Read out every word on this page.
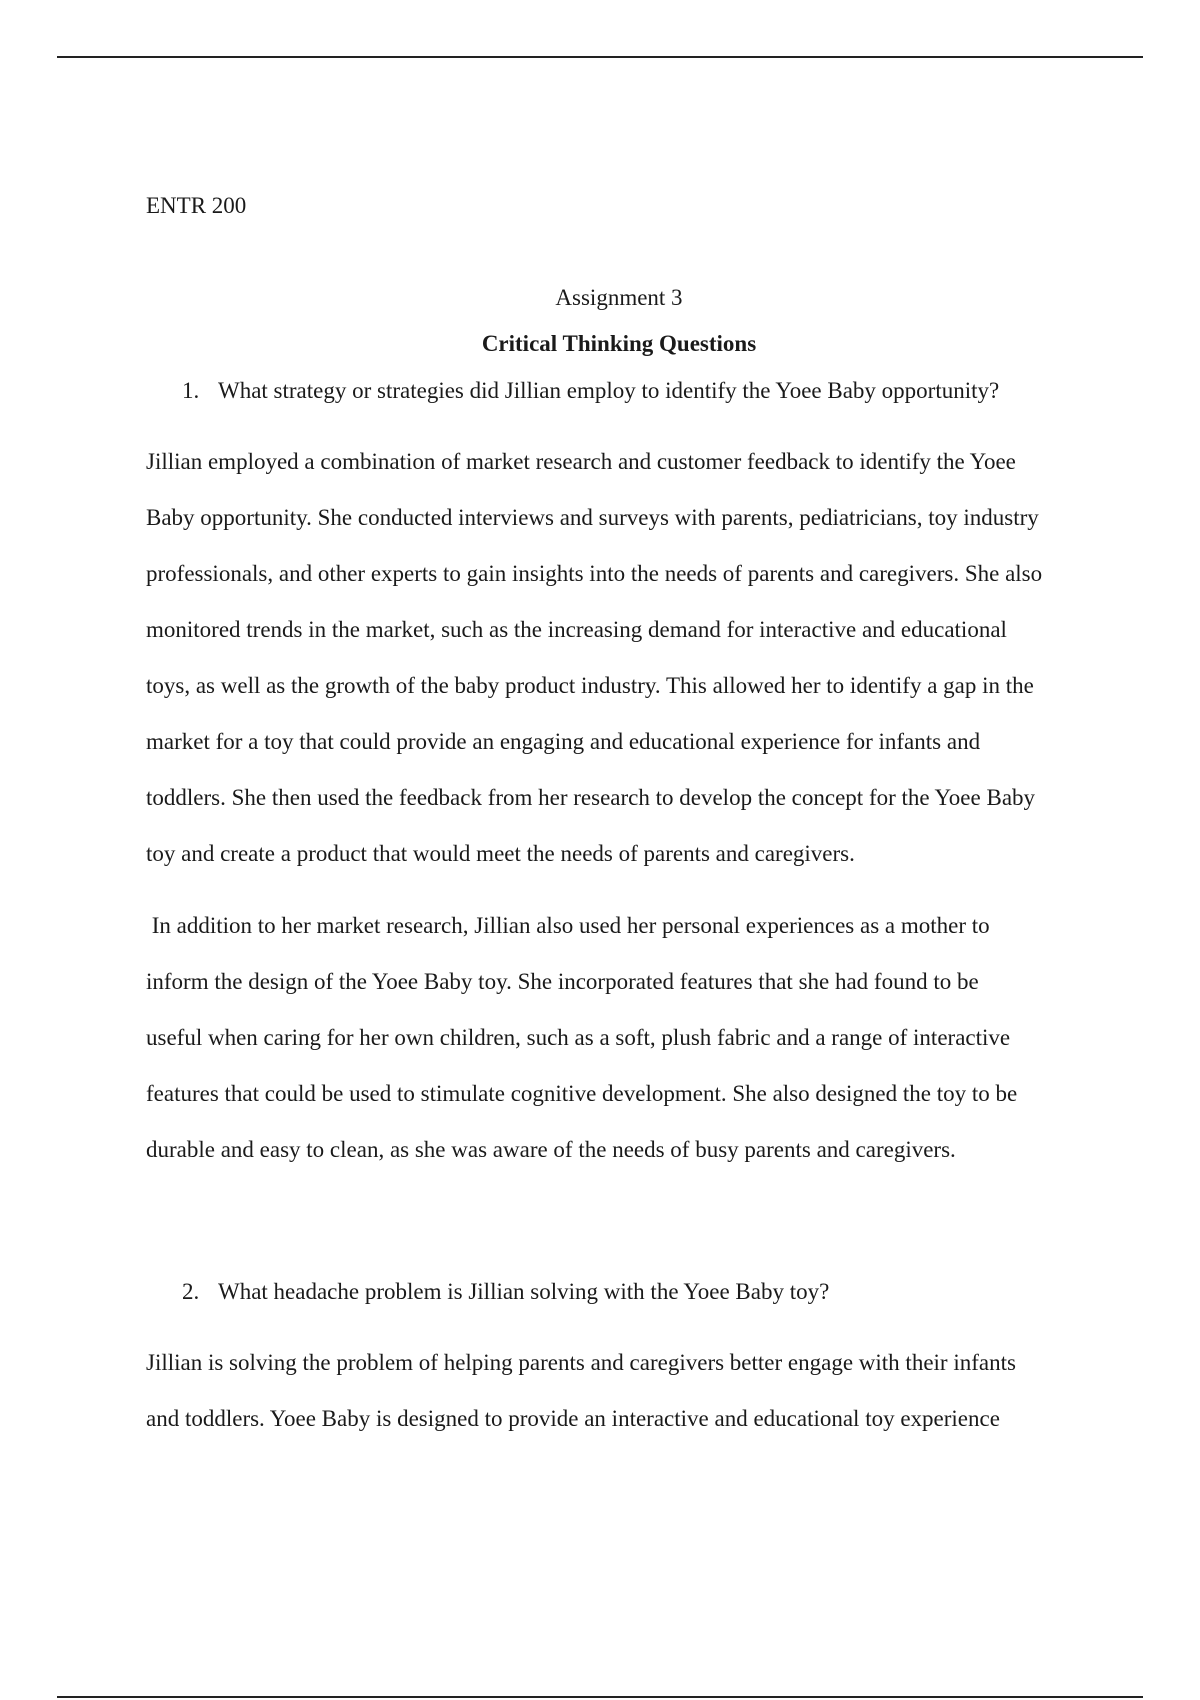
ENTR 200
Assignment 3
Critical Thinking Questions
1. What strategy or strategies did Jillian employ to identify the Yoee Baby opportunity?

Jillian employed a combination of market research and customer feedback to identify the Yoee
Baby opportunity. She conducted interviews and surveys with parents, pediatricians, toy industry
professionals, and other experts to gain insights into the needs of parents and caregivers. She also
monitored trends in the market, such as the increasing demand for interactive and educational
toys, as well as the growth of the baby product industry. This allowed her to identify a gap in the
market for a toy that could provide an engaging and educational experience for infants and
toddlers. She then used the feedback from her research to develop the concept for the Yoee Baby
toy and create a product that would meet the needs of parents and caregivers.

In addition to her market research, Jillian also used her personal experiences as a mother to
inform the design of the Yoee Baby toy. She incorporated features that she had found to be
useful when caring for her own children, such as a soft, plush fabric and a range of interactive
features that could be used to stimulate cognitive development. She also designed the toy to be
durable and easy to clean, as she was aware of the needs of busy parents and caregivers.

2. What headache problem is Jillian solving with the Yoee Baby toy?

Jillian is solving the problem of helping parents and caregivers better engage with their infants
and toddlers. Yoee Baby is designed to provide an interactive and educational toy experience
